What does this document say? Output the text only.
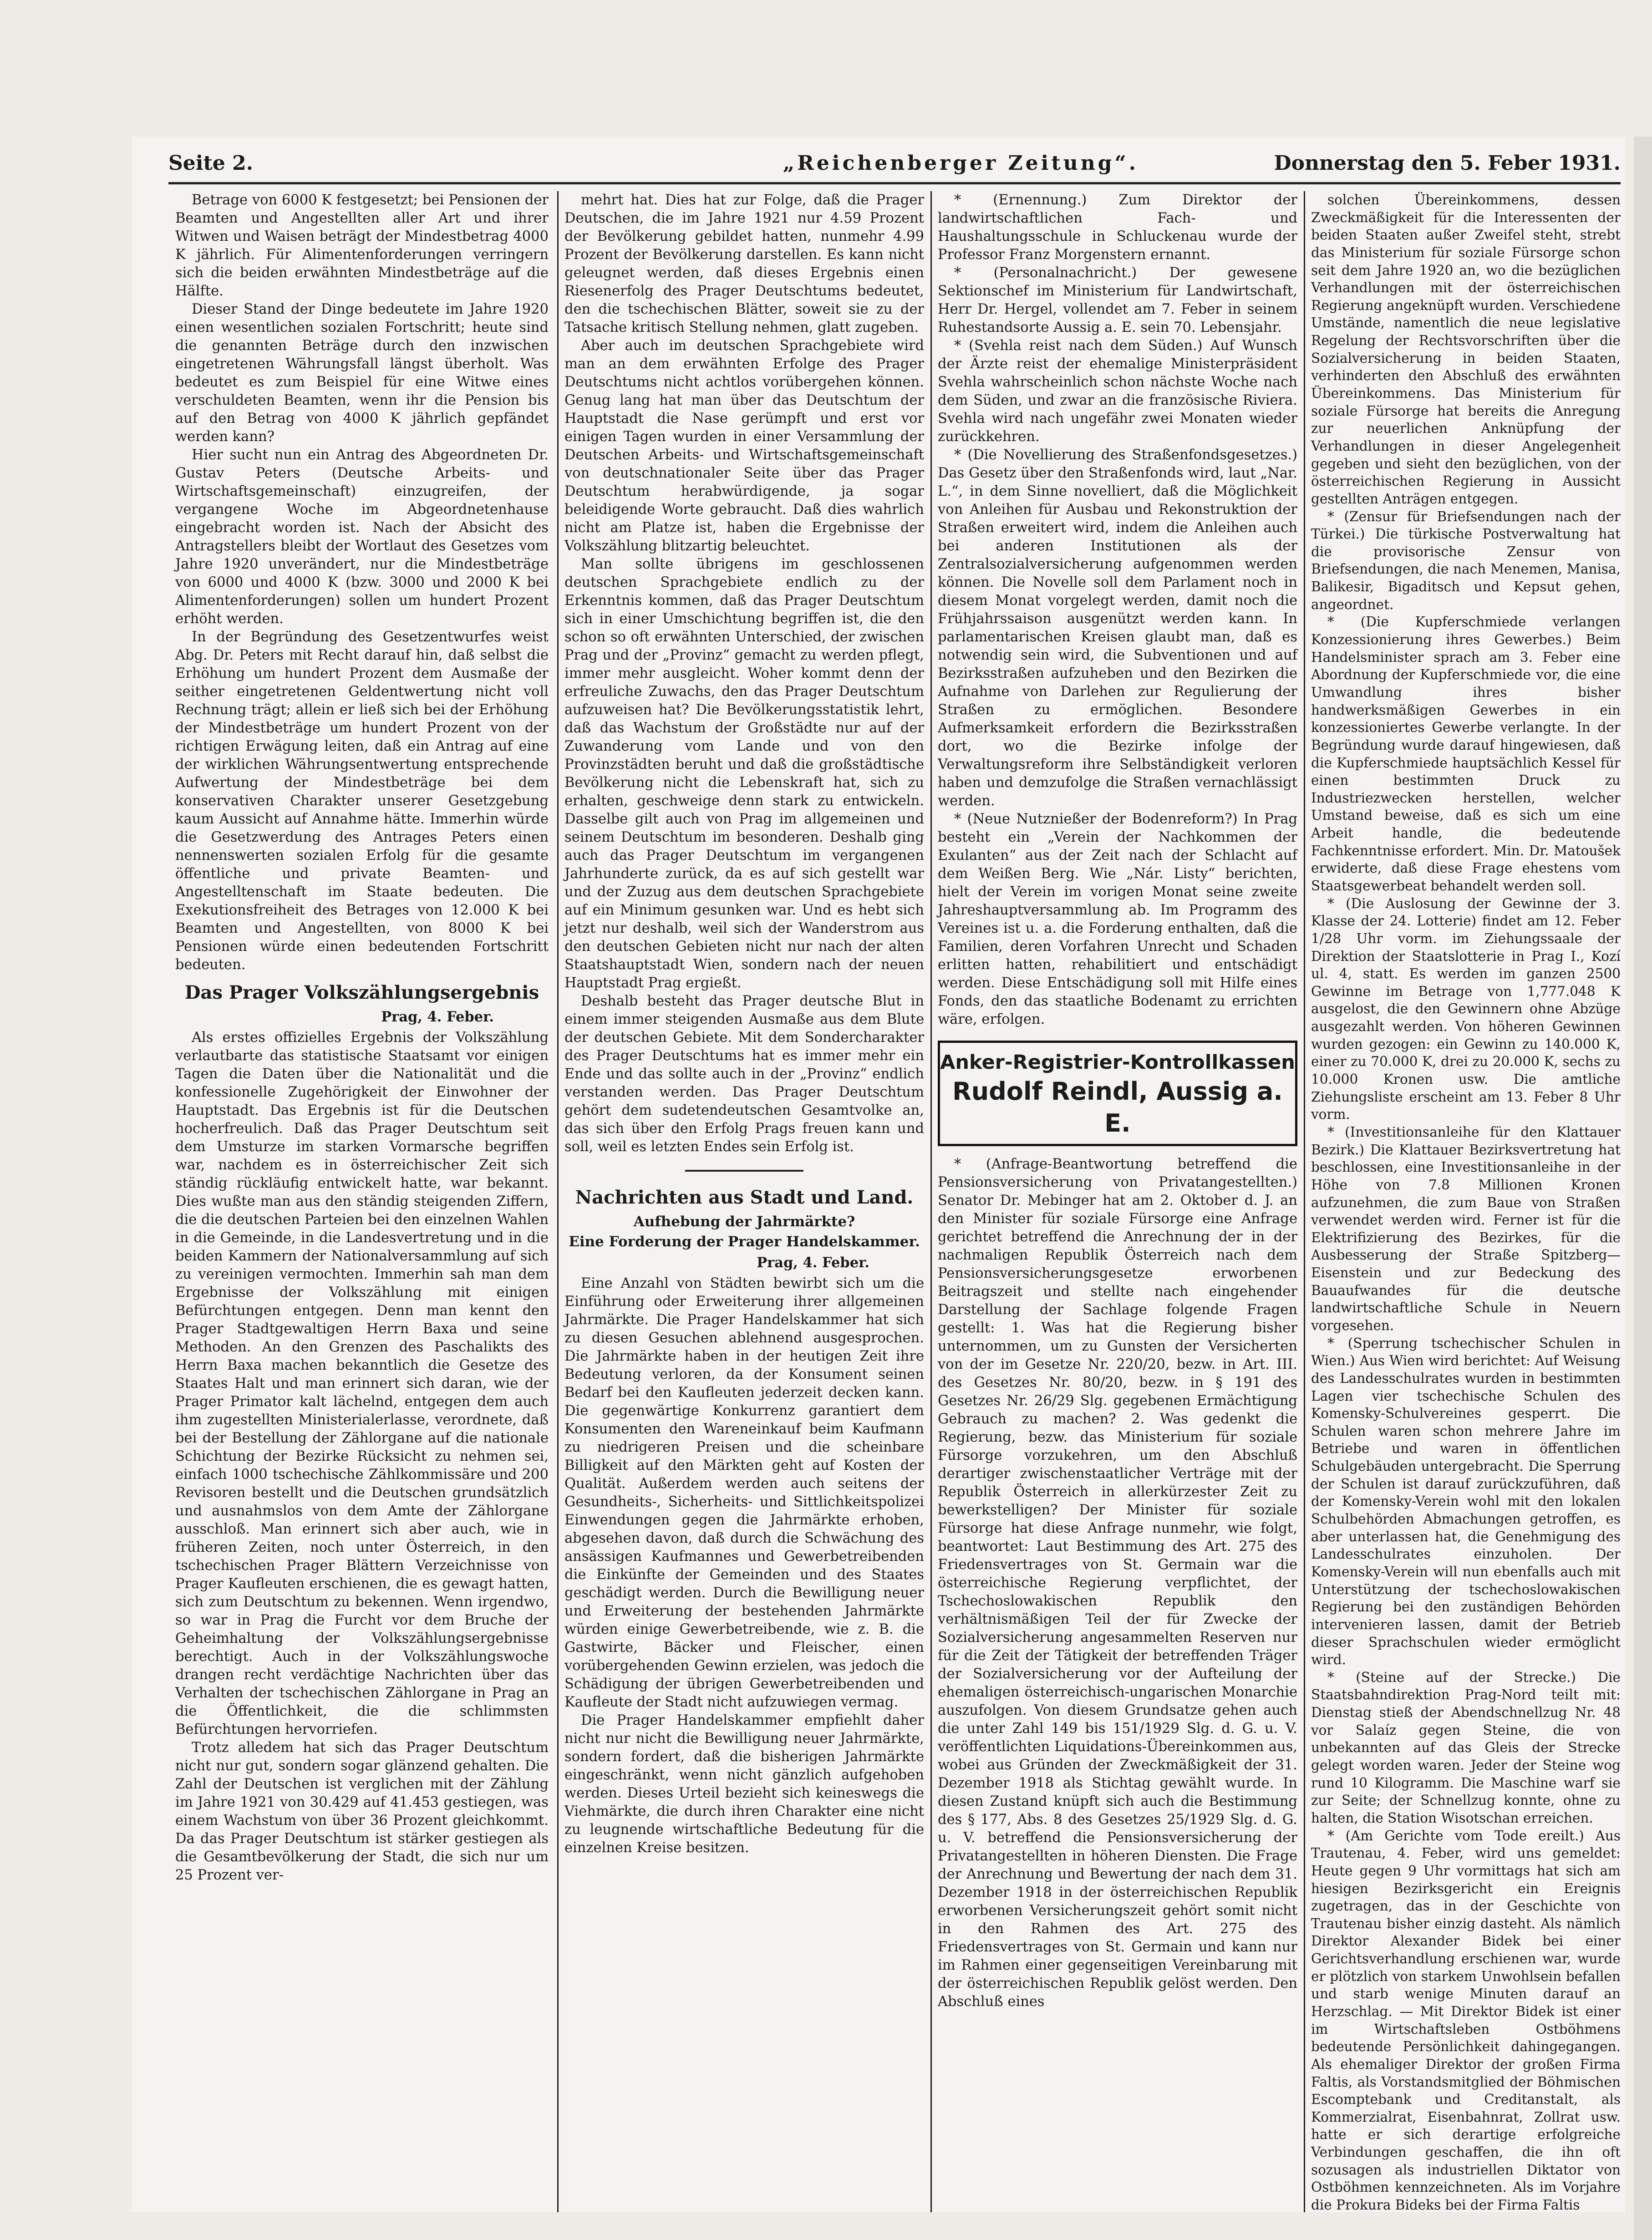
Seite 2.	„Reichenberger Zeitung“.	Donnerstag den 5. Feber 1931.

Betrage von 6000 K festgesetzt; bei Pensionen der Beamten und Angestellten aller Art und ihrer Witwen und Waisen beträgt der Mindestbetrag 4000 K jährlich. Für Alimentenforderungen verringern sich die beiden erwähnten Mindestbeträge auf die Hälfte.

Dieser Stand der Dinge bedeutete im Jahre 1920 einen wesentlichen sozialen Fortschritt; heute sind die genannten Beträge durch den inzwischen eingetretenen Währungsfall längst überholt. Was bedeutet es zum Beispiel für eine Witwe eines verschuldeten Beamten, wenn ihr die Pension bis auf den Betrag von 4000 K jährlich gepfändet werden kann?

Hier sucht nun ein Antrag des Abgeordneten Dr. Gustav Peters (Deutsche Arbeits- und Wirtschaftsgemeinschaft) einzugreifen, der vergangene Woche im Abgeordnetenhause eingebracht worden ist. Nach der Absicht des Antragstellers bleibt der Wortlaut des Gesetzes vom Jahre 1920 unverändert, nur die Mindestbeträge von 6000 und 4000 K (bzw. 3000 und 2000 K bei Alimentenforderungen) sollen um hundert Prozent erhöht werden.

In der Begründung des Gesetzentwurfes weist Abg. Dr. Peters mit Recht darauf hin, daß selbst die Erhöhung um hundert Prozent dem Ausmaße der seither eingetretenen Geldentwertung nicht voll Rechnung trägt; allein er ließ sich bei der Erhöhung der Mindestbeträge um hundert Prozent von der richtigen Erwägung leiten, daß ein Antrag auf eine der wirklichen Währungsentwertung entsprechende Aufwertung der Mindestbeträge bei dem konservativen Charakter unserer Gesetzgebung kaum Aussicht auf Annahme hätte. Immerhin würde die Gesetzwerdung des Antrages Peters einen nennenswerten sozialen Erfolg für die gesamte öffentliche und private Beamten- und Angestelltenschaft im Staate bedeuten. Die Exekutionsfreiheit des Betrages von 12.000 K bei Beamten und Angestellten, von 8000 K bei Pensionen würde einen bedeutenden Fortschritt bedeuten.

Das Prager Volkszählungsergebnis
Prag, 4. Feber.

Als erstes offizielles Ergebnis der Volkszählung verlautbarte das statistische Staatsamt vor einigen Tagen die Daten über die Nationalität und die konfessionelle Zugehörigkeit der Einwohner der Hauptstadt. Das Ergebnis ist für die Deutschen hocherfreulich. Daß das Prager Deutschtum seit dem Umsturze im starken Vormarsche begriffen war, nachdem es in österreichischer Zeit sich ständig rückläufig entwickelt hatte, war bekannt. Dies wußte man aus den ständig steigenden Ziffern, die die deutschen Parteien bei den einzelnen Wahlen in die Gemeinde, in die Landesvertretung und in die beiden Kammern der Nationalversammlung auf sich zu vereinigen vermochten. Immerhin sah man dem Ergebnisse der Volkszählung mit einigen Befürchtungen entgegen. Denn man kennt den Prager Stadtgewaltigen Herrn Baxa und seine Methoden. An den Grenzen des Paschalikts des Herrn Baxa machen bekanntlich die Gesetze des Staates Halt und man erinnert sich daran, wie der Prager Primator kalt lächelnd, entgegen dem auch ihm zugestellten Ministerialerlasse, verordnete, daß bei der Bestellung der Zählorgane auf die nationale Schichtung der Bezirke Rücksicht zu nehmen sei, einfach 1000 tschechische Zählkommissäre und 200 Revisoren bestellt und die Deutschen grundsätzlich und ausnahmslos von dem Amte der Zählorgane ausschloß. Man erinnert sich aber auch, wie in früheren Zeiten, noch unter Österreich, in den tschechischen Prager Blättern Verzeichnisse von Prager Kaufleuten erschienen, die es gewagt hatten, sich zum Deutschtum zu bekennen. Wenn irgendwo, so war in Prag die Furcht vor dem Bruche der Geheimhaltung der Volkszählungsergebnisse berechtigt. Auch in der Volkszählungswoche drangen recht verdächtige Nachrichten über das Verhalten der tschechischen Zählorgane in Prag an die Öffentlichkeit, die die schlimmsten Befürchtungen hervorriefen.

Trotz alledem hat sich das Prager Deutschtum nicht nur gut, sondern sogar glänzend gehalten. Die Zahl der Deutschen ist verglichen mit der Zählung im Jahre 1921 von 30.429 auf 41.453 gestiegen, was einem Wachstum von über 36 Prozent gleichkommt. Da das Prager Deutschtum ist stärker gestiegen als die Gesamtbevölkerung der Stadt, die sich nur um 25 Prozent ver-

mehrt hat. Dies hat zur Folge, daß die Prager Deutschen, die im Jahre 1921 nur 4.59 Prozent der Bevölkerung gebildet hatten, nunmehr 4.99 Prozent der Bevölkerung darstellen. Es kann nicht geleugnet werden, daß dieses Ergebnis einen Riesenerfolg des Prager Deutschtums bedeutet, den die tschechischen Blätter, soweit sie zu der Tatsache kritisch Stellung nehmen, glatt zugeben.

Aber auch im deutschen Sprachgebiete wird man an dem erwähnten Erfolge des Prager Deutschtums nicht achtlos vorübergehen können. Genug lang hat man über das Deutschtum der Hauptstadt die Nase gerümpft und erst vor einigen Tagen wurden in einer Versammlung der Deutschen Arbeits- und Wirtschaftsgemeinschaft von deutschnationaler Seite über das Prager Deutschtum herabwürdigende, ja sogar beleidigende Worte gebraucht. Daß dies wahrlich nicht am Platze ist, haben die Ergebnisse der Volkszählung blitzartig beleuchtet.

Man sollte übrigens im geschlossenen deutschen Sprachgebiete endlich zu der Erkenntnis kommen, daß das Prager Deutschtum sich in einer Umschichtung begriffen ist, die den schon so oft erwähnten Unterschied, der zwischen Prag und der „Provinz“ gemacht zu werden pflegt, immer mehr ausgleicht. Woher kommt denn der erfreuliche Zuwachs, den das Prager Deutschtum aufzuweisen hat? Die Bevölkerungsstatistik lehrt, daß das Wachstum der Großstädte nur auf der Zuwanderung vom Lande und von den Provinzstädten beruht und daß die großstädtische Bevölkerung nicht die Lebenskraft hat, sich zu erhalten, geschweige denn stark zu entwickeln. Dasselbe gilt auch von Prag im allgemeinen und seinem Deutschtum im besonderen. Deshalb ging auch das Prager Deutschtum im vergangenen Jahrhunderte zurück, da es auf sich gestellt war und der Zuzug aus dem deutschen Sprachgebiete auf ein Minimum gesunken war. Und es hebt sich jetzt nur deshalb, weil sich der Wanderstrom aus den deutschen Gebieten nicht nur nach der alten Staatshauptstadt Wien, sondern nach der neuen Hauptstadt Prag ergießt.

Deshalb besteht das Prager deutsche Blut in einem immer steigenden Ausmaße aus dem Blute der deutschen Gebiete. Mit dem Sondercharakter des Prager Deutschtums hat es immer mehr ein Ende und das sollte auch in der „Provinz“ endlich verstanden werden. Das Prager Deutschtum gehört dem sudetendeutschen Gesamtvolke an, das sich über den Erfolg Prags freuen kann und soll, weil es letzten Endes sein Erfolg ist.

Nachrichten aus Stadt und Land.
Aufhebung der Jahrmärkte?
Eine Forderung der Prager Handelskammer.
Prag, 4. Feber.

Eine Anzahl von Städten bewirbt sich um die Einführung oder Erweiterung ihrer allgemeinen Jahrmärkte. Die Prager Handelskammer hat sich zu diesen Gesuchen ablehnend ausgesprochen. Die Jahrmärkte haben in der heutigen Zeit ihre Bedeutung verloren, da der Konsument seinen Bedarf bei den Kaufleuten jederzeit decken kann. Die gegenwärtige Konkurrenz garantiert dem Konsumenten den Wareneinkauf beim Kaufmann zu niedrigeren Preisen und die scheinbare Billigkeit auf den Märkten geht auf Kosten der Qualität. Außerdem werden auch seitens der Gesundheits-, Sicherheits- und Sittlichkeitspolizei Einwendungen gegen die Jahrmärkte erhoben, abgesehen davon, daß durch die Schwächung des ansässigen Kaufmannes und Gewerbetreibenden die Einkünfte der Gemeinden und des Staates geschädigt werden. Durch die Bewilligung neuer und Erweiterung der bestehenden Jahrmärkte würden einige Gewerbetreibende, wie z. B. die Gastwirte, Bäcker und Fleischer, einen vorübergehenden Gewinn erzielen, was jedoch die Schädigung der übrigen Gewerbetreibenden und Kaufleute der Stadt nicht aufzuwiegen vermag.

Die Prager Handelskammer empfiehlt daher nicht nur nicht die Bewilligung neuer Jahrmärkte, sondern fordert, daß die bisherigen Jahrmärkte eingeschränkt, wenn nicht gänzlich aufgehoben werden. Dieses Urteil bezieht sich keineswegs die Viehmärkte, die durch ihren Charakter eine nicht zu leugnende wirtschaftliche Bedeutung für die einzelnen Kreise besitzen.

* (Ernennung.) Zum Direktor der landwirtschaftlichen Fach- und Haushaltungsschule in Schluckenau wurde der Professor Franz Morgenstern ernannt.

* (Personalnachricht.) Der gewesene Sektionschef im Ministerium für Landwirtschaft, Herr Dr. Hergel, vollendet am 7. Feber in seinem Ruhestandsorte Aussig a. E. sein 70. Lebensjahr.

* (Svehla reist nach dem Süden.) Auf Wunsch der Ärzte reist der ehemalige Ministerpräsident Svehla wahrscheinlich schon nächste Woche nach dem Süden, und zwar an die französische Riviera. Svehla wird nach ungefähr zwei Monaten wieder zurückkehren.

* (Die Novellierung des Straßenfondsgesetzes.) Das Gesetz über den Straßenfonds wird, laut „Nar. L.“, in dem Sinne novelliert, daß die Möglichkeit von Anleihen für Ausbau und Rekonstruktion der Straßen erweitert wird, indem die Anleihen auch bei anderen Institutionen als der Zentralsozialversicherung aufgenommen werden können. Die Novelle soll dem Parlament noch in diesem Monat vorgelegt werden, damit noch die Frühjahrssaison ausgenützt werden kann. In parlamentarischen Kreisen glaubt man, daß es notwendig sein wird, die Subventionen und auf Bezirksstraßen aufzuheben und den Bezirken die Aufnahme von Darlehen zur Regulierung der Straßen zu ermöglichen. Besondere Aufmerksamkeit erfordern die Bezirksstraßen dort, wo die Bezirke infolge der Verwaltungsreform ihre Selbständigkeit verloren haben und demzufolge die Straßen vernachlässigt werden.

* (Neue Nutznießer der Bodenreform?) In Prag besteht ein „Verein der Nachkommen der Exulanten“ aus der Zeit nach der Schlacht auf dem Weißen Berg. Wie „Nár. Listy“ berichten, hielt der Verein im vorigen Monat seine zweite Jahreshauptversammlung ab. Im Programm des Vereines ist u. a. die Forderung enthalten, daß die Familien, deren Vorfahren Unrecht und Schaden erlitten hatten, rehabilitiert und entschädigt werden. Diese Entschädigung soll mit Hilfe eines Fonds, den das staatliche Bodenamt zu errichten wäre, erfolgen.

Anker-Registrier-Kontrollkassen
Rudolf Reindl, Aussig a. E.

* (Anfrage-Beantwortung betreffend die Pensionsversicherung von Privatangestellten.) Senator Dr. Mebinger hat am 2. Oktober d. J. an den Minister für soziale Fürsorge eine Anfrage gerichtet betreffend die Anrechnung der in der nachmaligen Republik Österreich nach dem Pensionsversicherungsgesetze erworbenen Beitragszeit und stellte nach eingehender Darstellung der Sachlage folgende Fragen gestellt: 1. Was hat die Regierung bisher unternommen, um zu Gunsten der Versicherten von der im Gesetze Nr. 220/20, bezw. in Art. III. des Gesetzes Nr. 80/20, bezw. in § 191 des Gesetzes Nr. 26/29 Slg. gegebenen Ermächtigung Gebrauch zu machen? 2. Was gedenkt die Regierung, bezw. das Ministerium für soziale Fürsorge vorzukehren, um den Abschluß derartiger zwischenstaatlicher Verträge mit der Republik Österreich in allerkürzester Zeit zu bewerkstelligen? Der Minister für soziale Fürsorge hat diese Anfrage nunmehr, wie folgt, beantwortet: Laut Bestimmung des Art. 275 des Friedensvertrages von St. Germain war die österreichische Regierung verpflichtet, der Tschechoslowakischen Republik den verhältnismäßigen Teil der für Zwecke der Sozialversicherung angesammelten Reserven nur für die Zeit der Tätigkeit der betreffenden Träger der Sozialversicherung vor der Aufteilung der ehemaligen österreichisch-ungarischen Monarchie auszufolgen. Von diesem Grundsatze gehen auch die unter Zahl 149 bis 151/1929 Slg. d. G. u. V. veröffentlichten Liquidations-Übereinkommen aus, wobei aus Gründen der Zweckmäßigkeit der 31. Dezember 1918 als Stichtag gewählt wurde. In diesen Zustand knüpft sich auch die Bestimmung des § 177, Abs. 8 des Gesetzes 25/1929 Slg. d. G. u. V. betreffend die Pensionsversicherung der Privatangestellten in höheren Diensten. Die Frage der Anrechnung und Bewertung der nach dem 31. Dezember 1918 in der österreichischen Republik erworbenen Versicherungszeit gehört somit nicht in den Rahmen des Art. 275 des Friedensvertrages von St. Germain und kann nur im Rahmen einer gegenseitigen Vereinbarung mit der österreichischen Republik gelöst werden. Den Abschluß eines

solchen Übereinkommens, dessen Zweckmäßigkeit für die Interessenten der beiden Staaten außer Zweifel steht, strebt das Ministerium für soziale Fürsorge schon seit dem Jahre 1920 an, wo die bezüglichen Verhandlungen mit der österreichischen Regierung angeknüpft wurden. Verschiedene Umstände, namentlich die neue legislative Regelung der Rechtsvorschriften über die Sozialversicherung in beiden Staaten, verhinderten den Abschluß des erwähnten Übereinkommens. Das Ministerium für soziale Fürsorge hat bereits die Anregung zur neuerlichen Anknüpfung der Verhandlungen in dieser Angelegenheit gegeben und sieht den bezüglichen, von der österreichischen Regierung in Aussicht gestellten Anträgen entgegen.

* (Zensur für Briefsendungen nach der Türkei.) Die türkische Postverwaltung hat die provisorische Zensur von Briefsendungen, die nach Menemen, Manisa, Balikesir, Bigaditsch und Kepsut gehen, angeordnet.

* (Die Kupferschmiede verlangen Konzessionierung ihres Gewerbes.) Beim Handelsminister sprach am 3. Feber eine Abordnung der Kupferschmiede vor, die eine Umwandlung ihres bisher handwerksmäßigen Gewerbes in ein konzessioniertes Gewerbe verlangte. In der Begründung wurde darauf hingewiesen, daß die Kupferschmiede hauptsächlich Kessel für einen bestimmten Druck zu Industriezwecken herstellen, welcher Umstand beweise, daß es sich um eine Arbeit handle, die bedeutende Fachkenntnisse erfordert. Min. Dr. Matoušek erwiderte, daß diese Frage ehestens vom Staatsgewerbeat behandelt werden soll.

* (Die Auslosung der Gewinne der 3. Klasse der 24. Lotterie) findet am 12. Feber 1/28 Uhr vorm. im Ziehungssaale der Direktion der Staatslotterie in Prag I., Kozí ul. 4, statt. Es werden im ganzen 2500 Gewinne im Betrage von 1,777.048 K ausgelost, die den Gewinnern ohne Abzüge ausgezahlt werden. Von höheren Gewinnen wurden gezogen: ein Gewinn zu 140.000 K, einer zu 70.000 K, drei zu 20.000 K, sechs zu 10.000 Kronen usw. Die amtliche Ziehungsliste erscheint am 13. Feber 8 Uhr vorm.

* (Investitionsanleihe für den Klattauer Bezirk.) Die Klattauer Bezirksvertretung hat beschlossen, eine Investitionsanleihe in der Höhe von 7.8 Millionen Kronen aufzunehmen, die zum Baue von Straßen verwendet werden wird. Ferner ist für die Elektrifizierung des Bezirkes, für die Ausbesserung der Straße Spitzberg—Eisenstein und zur Bedeckung des Bauaufwandes für die deutsche landwirtschaftliche Schule in Neuern vorgesehen.

* (Sperrung tschechischer Schulen in Wien.) Aus Wien wird berichtet: Auf Weisung des Landesschulrates wurden in bestimmten Lagen vier tschechische Schulen des Komensky-Schulvereines gesperrt. Die Schulen waren schon mehrere Jahre im Betriebe und waren in öffentlichen Schulgebäuden untergebracht. Die Sperrung der Schulen ist darauf zurückzuführen, daß der Komensky-Verein wohl mit den lokalen Schulbehörden Abmachungen getroffen, es aber unterlassen hat, die Genehmigung des Landesschulrates einzuholen. Der Komensky-Verein will nun ebenfalls auch mit Unterstützung der tschechoslowakischen Regierung bei den zuständigen Behörden intervenieren lassen, damit der Betrieb dieser Sprachschulen wieder ermöglicht wird.

* (Steine auf der Strecke.) Die Staatsbahndirektion Prag-Nord teilt mit: Dienstag stieß der Abendschnellzug Nr. 48 vor Salaíz gegen Steine, die von unbekannten auf das Gleis der Strecke gelegt worden waren. Jeder der Steine wog rund 10 Kilogramm. Die Maschine warf sie zur Seite; der Schnellzug konnte, ohne zu halten, die Station Wisotschan erreichen.

* (Am Gerichte vom Tode ereilt.) Aus Trautenau, 4. Feber, wird uns gemeldet: Heute gegen 9 Uhr vormittags hat sich am hiesigen Bezirksgericht ein Ereignis zugetragen, das in der Geschichte von Trautenau bisher einzig dasteht. Als nämlich Direktor Alexander Bidek bei einer Gerichtsverhandlung erschienen war, wurde er plötzlich von starkem Unwohlsein befallen und starb wenige Minuten darauf an Herzschlag. — Mit Direktor Bidek ist einer im Wirtschaftsleben Ostböhmens bedeutende Persönlichkeit dahingegangen. Als ehemaliger Direktor der großen Firma Faltis, als Vorstandsmitglied der Böhmischen Escomptebank und Creditanstalt, als Kommerzialrat, Eisenbahnrat, Zollrat usw. hatte er sich derartige erfolgreiche Verbindungen geschaffen, die ihn oft sozusagen als industriellen Diktator von Ostböhmen kennzeichneten. Als im Vorjahre die Prokura Bideks bei der Firma Faltis
